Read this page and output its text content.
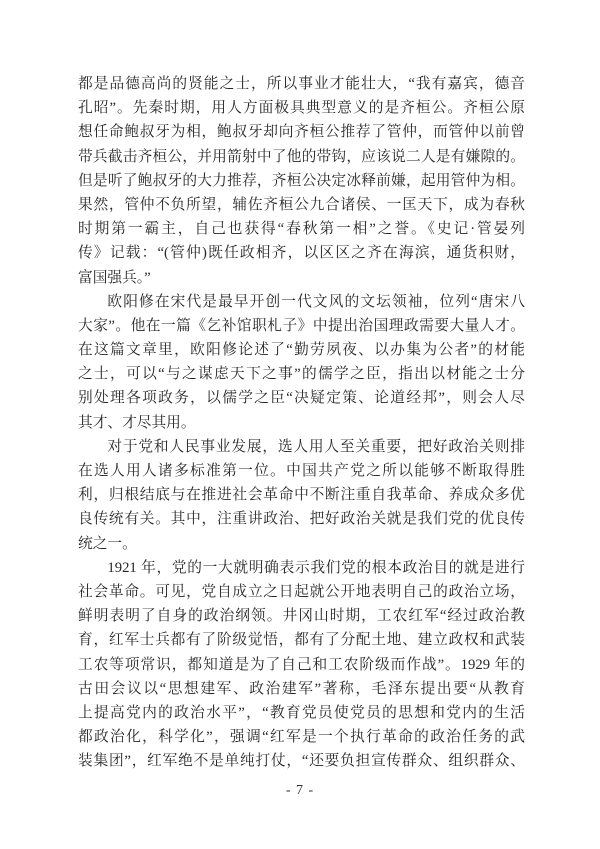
都是品德高尚的贤能之士，所以事业才能壮大，“我有嘉宾，德音
孔昭”。先秦时期，用人方面极具典型意义的是齐桓公。齐桓公原
想任命鲍叔牙为相，鲍叔牙却向齐桓公推荐了管仲，而管仲以前曾
带兵截击齐桓公，并用箭射中了他的带钩，应该说二人是有嫌隙的。
但是听了鲍叔牙的大力推荐，齐桓公决定冰释前嫌，起用管仲为相。
果然，管仲不负所望，辅佐齐桓公九合诸侯、一匡天下，成为春秋
时期第一霸主，自己也获得“春秋第一相”之誉。《史记·管晏列
传》记载：“(管仲)既任政相齐，以区区之齐在海滨，通货积财，
富国强兵。”
欧阳修在宋代是最早开创一代文风的文坛领袖，位列“唐宋八
大家”。他在一篇《乞补馆职札子》中提出治国理政需要大量人才。
在这篇文章里，欧阳修论述了“勤劳夙夜、以办集为公者”的材能
之士，可以“与之谋虑天下之事”的儒学之臣，指出以材能之士分
别处理各项政务，以儒学之臣“决疑定策、论道经邦”，则会人尽
其才、才尽其用。
对于党和人民事业发展，选人用人至关重要，把好政治关则排
在选人用人诸多标准第一位。中国共产党之所以能够不断取得胜
利，归根结底与在推进社会革命中不断注重自我革命、养成众多优
良传统有关。其中，注重讲政治、把好政治关就是我们党的优良传
统之一。
1921 年，党的一大就明确表示我们党的根本政治目的就是进行
社会革命。可见，党自成立之日起就公开地表明自己的政治立场，
鲜明表明了自身的政治纲领。井冈山时期，工农红军“经过政治教
育，红军士兵都有了阶级觉悟，都有了分配土地、建立政权和武装
工农等项常识，都知道是为了自己和工农阶级而作战”。1929 年的
古田会议以“思想建军、政治建军”著称，毛泽东提出要“从教育
上提高党内的政治水平”，“教育党员使党员的思想和党内的生活
都政治化，科学化”，强调“红军是一个执行革命的政治任务的武
装集团”，红军绝不是单纯打仗，“还要负担宣传群众、组织群众、
- 7 -
